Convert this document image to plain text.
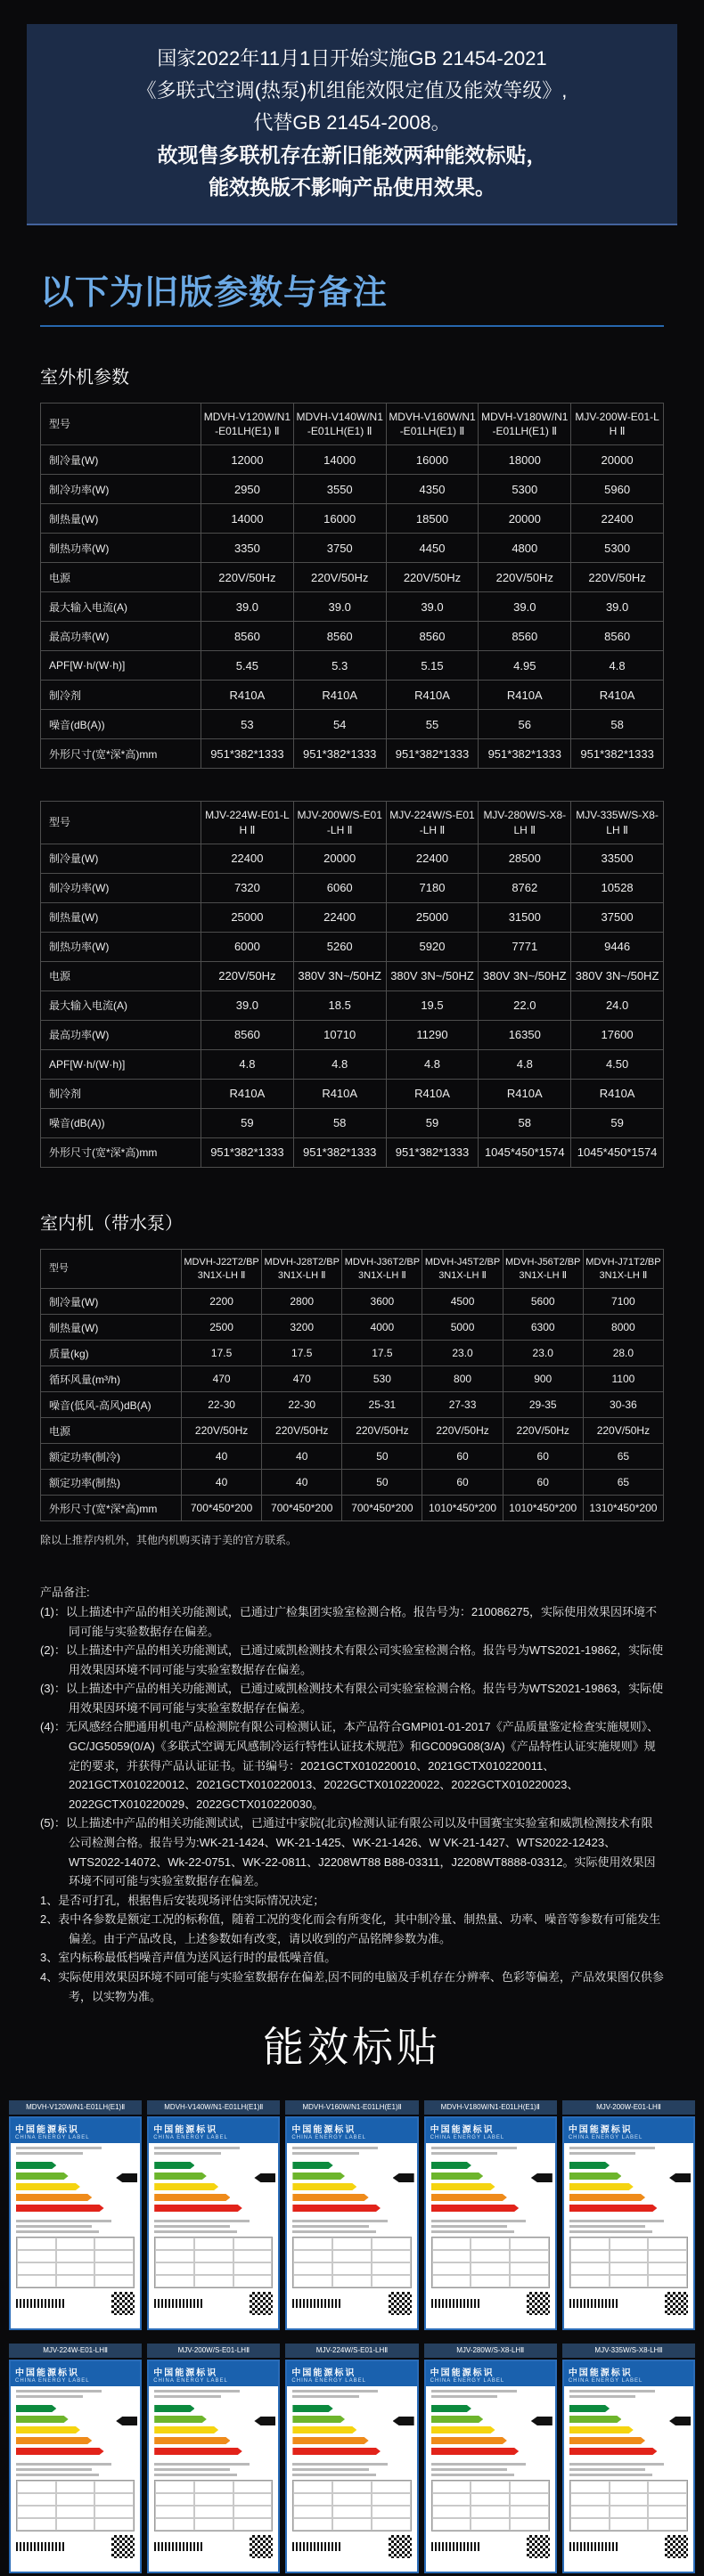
国家2022年11月1日开始实施GB 21454-2021
《多联式空调(热泵)机组能效限定值及能效等级》,
代替GB 21454-2008。
故现售多联机存在新旧能效两种能效标贴，
能效换版不影响产品使用效果。
以下为旧版参数与备注
室外机参数
型号	MDVH-V120W/N1-E01LH(E1) Ⅱ	MDVH-V140W/N1-E01LH(E1) Ⅱ	MDVH-V160W/N1-E01LH(E1) Ⅱ	MDVH-V180W/N1-E01LH(E1) Ⅱ	MJV-200W-E01-LH Ⅱ
制冷量(W)	12000	14000	16000	18000	20000
制冷功率(W)	2950	3550	4350	5300	5960
制热量(W)	14000	16000	18500	20000	22400
制热功率(W)	3350	3750	4450	4800	5300
电源	220V/50Hz	220V/50Hz	220V/50Hz	220V/50Hz	220V/50Hz
最大输入电流(A)	39.0	39.0	39.0	39.0	39.0
最高功率(W)	8560	8560	8560	8560	8560
APF[W·h/(W·h)]	5.45	5.3	5.15	4.95	4.8
制冷剂	R410A	R410A	R410A	R410A	R410A
噪音(dB(A))	53	54	55	56	58
外形尺寸(宽*深*高)mm	951*382*1333	951*382*1333	951*382*1333	951*382*1333	951*382*1333
型号	MJV-224W-E01-LH Ⅱ	MJV-200W/S-E01-LH Ⅱ	MJV-224W/S-E01-LH Ⅱ	MJV-280W/S-X8-LH Ⅱ	MJV-335W/S-X8-LH Ⅱ
制冷量(W)	22400	20000	22400	28500	33500
制冷功率(W)	7320	6060	7180	8762	10528
制热量(W)	25000	22400	25000	31500	37500
制热功率(W)	6000	5260	5920	7771	9446
电源	220V/50Hz	380V 3N~/50HZ	380V 3N~/50HZ	380V 3N~/50HZ	380V 3N~/50HZ
最大输入电流(A)	39.0	18.5	19.5	22.0	24.0
最高功率(W)	8560	10710	11290	16350	17600
APF[W·h/(W·h)]	4.8	4.8	4.8	4.8	4.50
制冷剂	R410A	R410A	R410A	R410A	R410A
噪音(dB(A))	59	58	59	58	59
外形尺寸(宽*深*高)mm	951*382*1333	951*382*1333	951*382*1333	1045*450*1574	1045*450*1574
室内机（带水泵）
型号	MDVH-J22T2/BP3N1X-LH Ⅱ	MDVH-J28T2/BP3N1X-LH Ⅱ	MDVH-J36T2/BP3N1X-LH Ⅱ	MDVH-J45T2/BP3N1X-LH Ⅱ	MDVH-J56T2/BP3N1X-LH Ⅱ	MDVH-J71T2/BP3N1X-LH Ⅱ
制冷量(W)	2200	2800	3600	4500	5600	7100
制热量(W)	2500	3200	4000	5000	6300	8000
质量(kg)	17.5	17.5	17.5	23.0	23.0	28.0
循环风量(m³/h)	470	470	530	800	900	1100
噪音(低风-高风)dB(A)	22-30	22-30	25-31	27-33	29-35	30-36
电源	220V/50Hz	220V/50Hz	220V/50Hz	220V/50Hz	220V/50Hz	220V/50Hz
额定功率(制冷)	40	40	50	60	60	65
额定功率(制热)	40	40	50	60	60	65
外形尺寸(宽*深*高)mm	700*450*200	700*450*200	700*450*200	1010*450*200	1010*450*200	1310*450*200
除以上推荐内机外，其他内机购买请于美的官方联系。
产品备注:
(1)：以上描述中产品的相关功能测试，已通过广检集团实验室检测合格。报告号为：210086275，实际使用效果因环境不同可能与实验数据存在偏差。
(2)：以上描述中产品的相关功能测试，已通过威凯检测技术有限公司实验室检测合格。报告号为WTS2021-19862，实际使用效果因环境不同可能与实验室数据存在偏差。
(3)：以上描述中产品的相关功能测试，已通过威凯检测技术有限公司实验室检测合格。报告号为WTS2021-19863，实际使用效果因环境不同可能与实验室数据存在偏差。
(4)：无风感经合肥通用机电产品检测院有限公司检测认证，本产品符合GMPI01-01-2017《产品质量鉴定检查实施规则》、GC/JG5059(0/A)《多联式空调无风感制冷运行特性认证技术规范》和GC009G08(3/A)《产品特性认证实施规则》规定的要求，并获得产品认证证书。证书编号：2021GCTX010220010、2021GCTX010220011、2021GCTX010220012、2021GCTX010220013、2022GCTX010220022、2022GCTX010220023、2022GCTX010220029、2022GCTX010220030。
(5)：以上描述中产品的相关功能测试试，已通过中家院(北京)检测认证有限公司以及中国赛宝实验室和威凯检测技术有限公司检测合格。报告号为:WK-21-1424、WK-21-1425、WK-21-1426、W VK-21-1427、WTS2022-12423、WTS2022-14072、Wk-22-0751、WK-22-0811、J2208WT88 B88-03311，J2208WT8888-03312。实际使用效果因环境不同可能与实验室数据存在偏差。
1、是否可打孔，根据售后安装现场评估实际情况决定；
2、表中各参数是额定工况的标称值，随着工况的变化而会有所变化，其中制冷量、制热量、功率、噪音等参数有可能发生偏差。由于产品改良，上述参数如有改变，请以收到的产品铭牌参数为准。
3、室内标称最低档噪音声值为送风运行时的最低噪音值。
4、实际使用效果因环境不同可能与实验室数据存在偏差,因不同的电脑及手机存在分辨率、色彩等偏差，产品效果图仅供参考，以实物为准。
能效标贴
MDVH-V120W/N1-E01LH(E1)Ⅱ
中国能源标识
CHINA ENERGY LABEL
MDVH-V140W/N1-E01LH(E1)Ⅱ
中国能源标识
CHINA ENERGY LABEL
MDVH-V160W/N1-E01LH(E1)Ⅱ
中国能源标识
CHINA ENERGY LABEL
MDVH-V180W/N1-E01LH(E1)Ⅱ
中国能源标识
CHINA ENERGY LABEL
MJV-200W-E01-LHⅡ
中国能源标识
CHINA ENERGY LABEL
MJV-224W-E01-LHⅡ
中国能源标识
CHINA ENERGY LABEL
MJV-200W/S-E01-LHⅡ
中国能源标识
CHINA ENERGY LABEL
MJV-224W/S-E01-LHⅡ
中国能源标识
CHINA ENERGY LABEL
MJV-280W/S-X8-LHⅡ
中国能源标识
CHINA ENERGY LABEL
MJV-335W/S-X8-LHⅡ
中国能源标识
CHINA ENERGY LABEL
